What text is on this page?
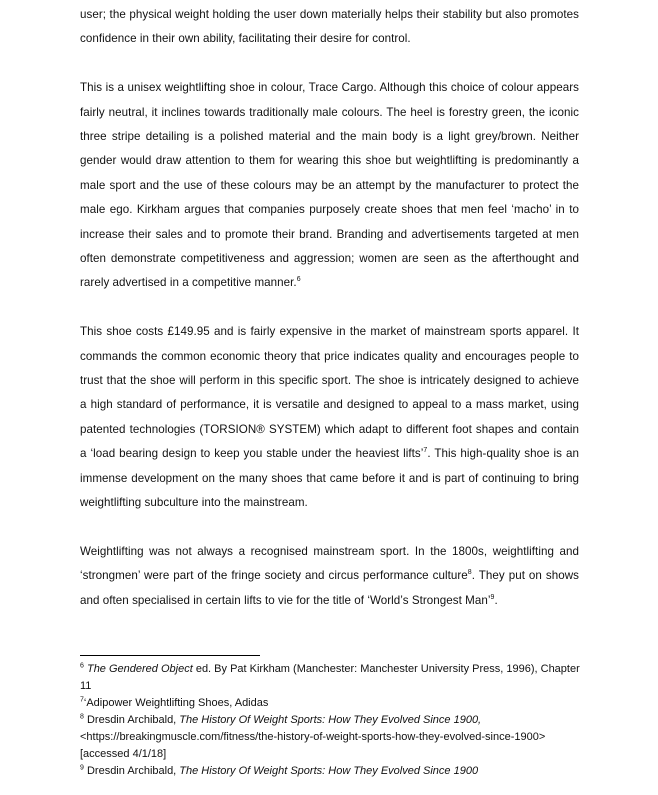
user; the physical weight holding the user down materially helps their stability but also promotes confidence in their own ability, facilitating their desire for control.

This is a unisex weightlifting shoe in colour, Trace Cargo. Although this choice of colour appears fairly neutral, it inclines towards traditionally male colours. The heel is forestry green, the iconic three stripe detailing is a polished material and the main body is a light grey/brown. Neither gender would draw attention to them for wearing this shoe but weightlifting is predominantly a male sport and the use of these colours may be an attempt by the manufacturer to protect the male ego. Kirkham argues that companies purposely create shoes that men feel ‘macho’ in to increase their sales and to promote their brand. Branding and advertisements targeted at men often demonstrate competitiveness and aggression; women are seen as the afterthought and rarely advertised in a competitive manner.$^6$

This shoe costs £149.95 and is fairly expensive in the market of mainstream sports apparel. It commands the common economic theory that price indicates quality and encourages people to trust that the shoe will perform in this specific sport. The shoe is intricately designed to achieve a high standard of performance, it is versatile and designed to appeal to a mass market, using patented technologies (TORSION® SYSTEM) which adapt to different foot shapes and contain a ‘load bearing design to keep you stable under the heaviest lifts’$^7$. This high-quality shoe is an immense development on the many shoes that came before it and is part of continuing to bring weightlifting subculture into the mainstream.

Weightlifting was not always a recognised mainstream sport. In the 1800s, weightlifting and ‘strongmen’ were part of the fringe society and circus performance culture$^8$. They put on shows and often specialised in certain lifts to vie for the title of ‘World’s Strongest Man’$^9$.

$^6$ The Gendered Object ed. By Pat Kirkham (Manchester: Manchester University Press, 1996), Chapter 11

$^7$‘Adipower Weightlifting Shoes, Adidas

$^8$ Dresdin Archibald, The History Of Weight Sports: How They Evolved Since 1900, <https://breakingmuscle.com/fitness/the-history-of-weight-sports-how-they-evolved-since-1900> [accessed 4/1/18]

$^9$ Dresdin Archibald, The History Of Weight Sports: How They Evolved Since 1900
